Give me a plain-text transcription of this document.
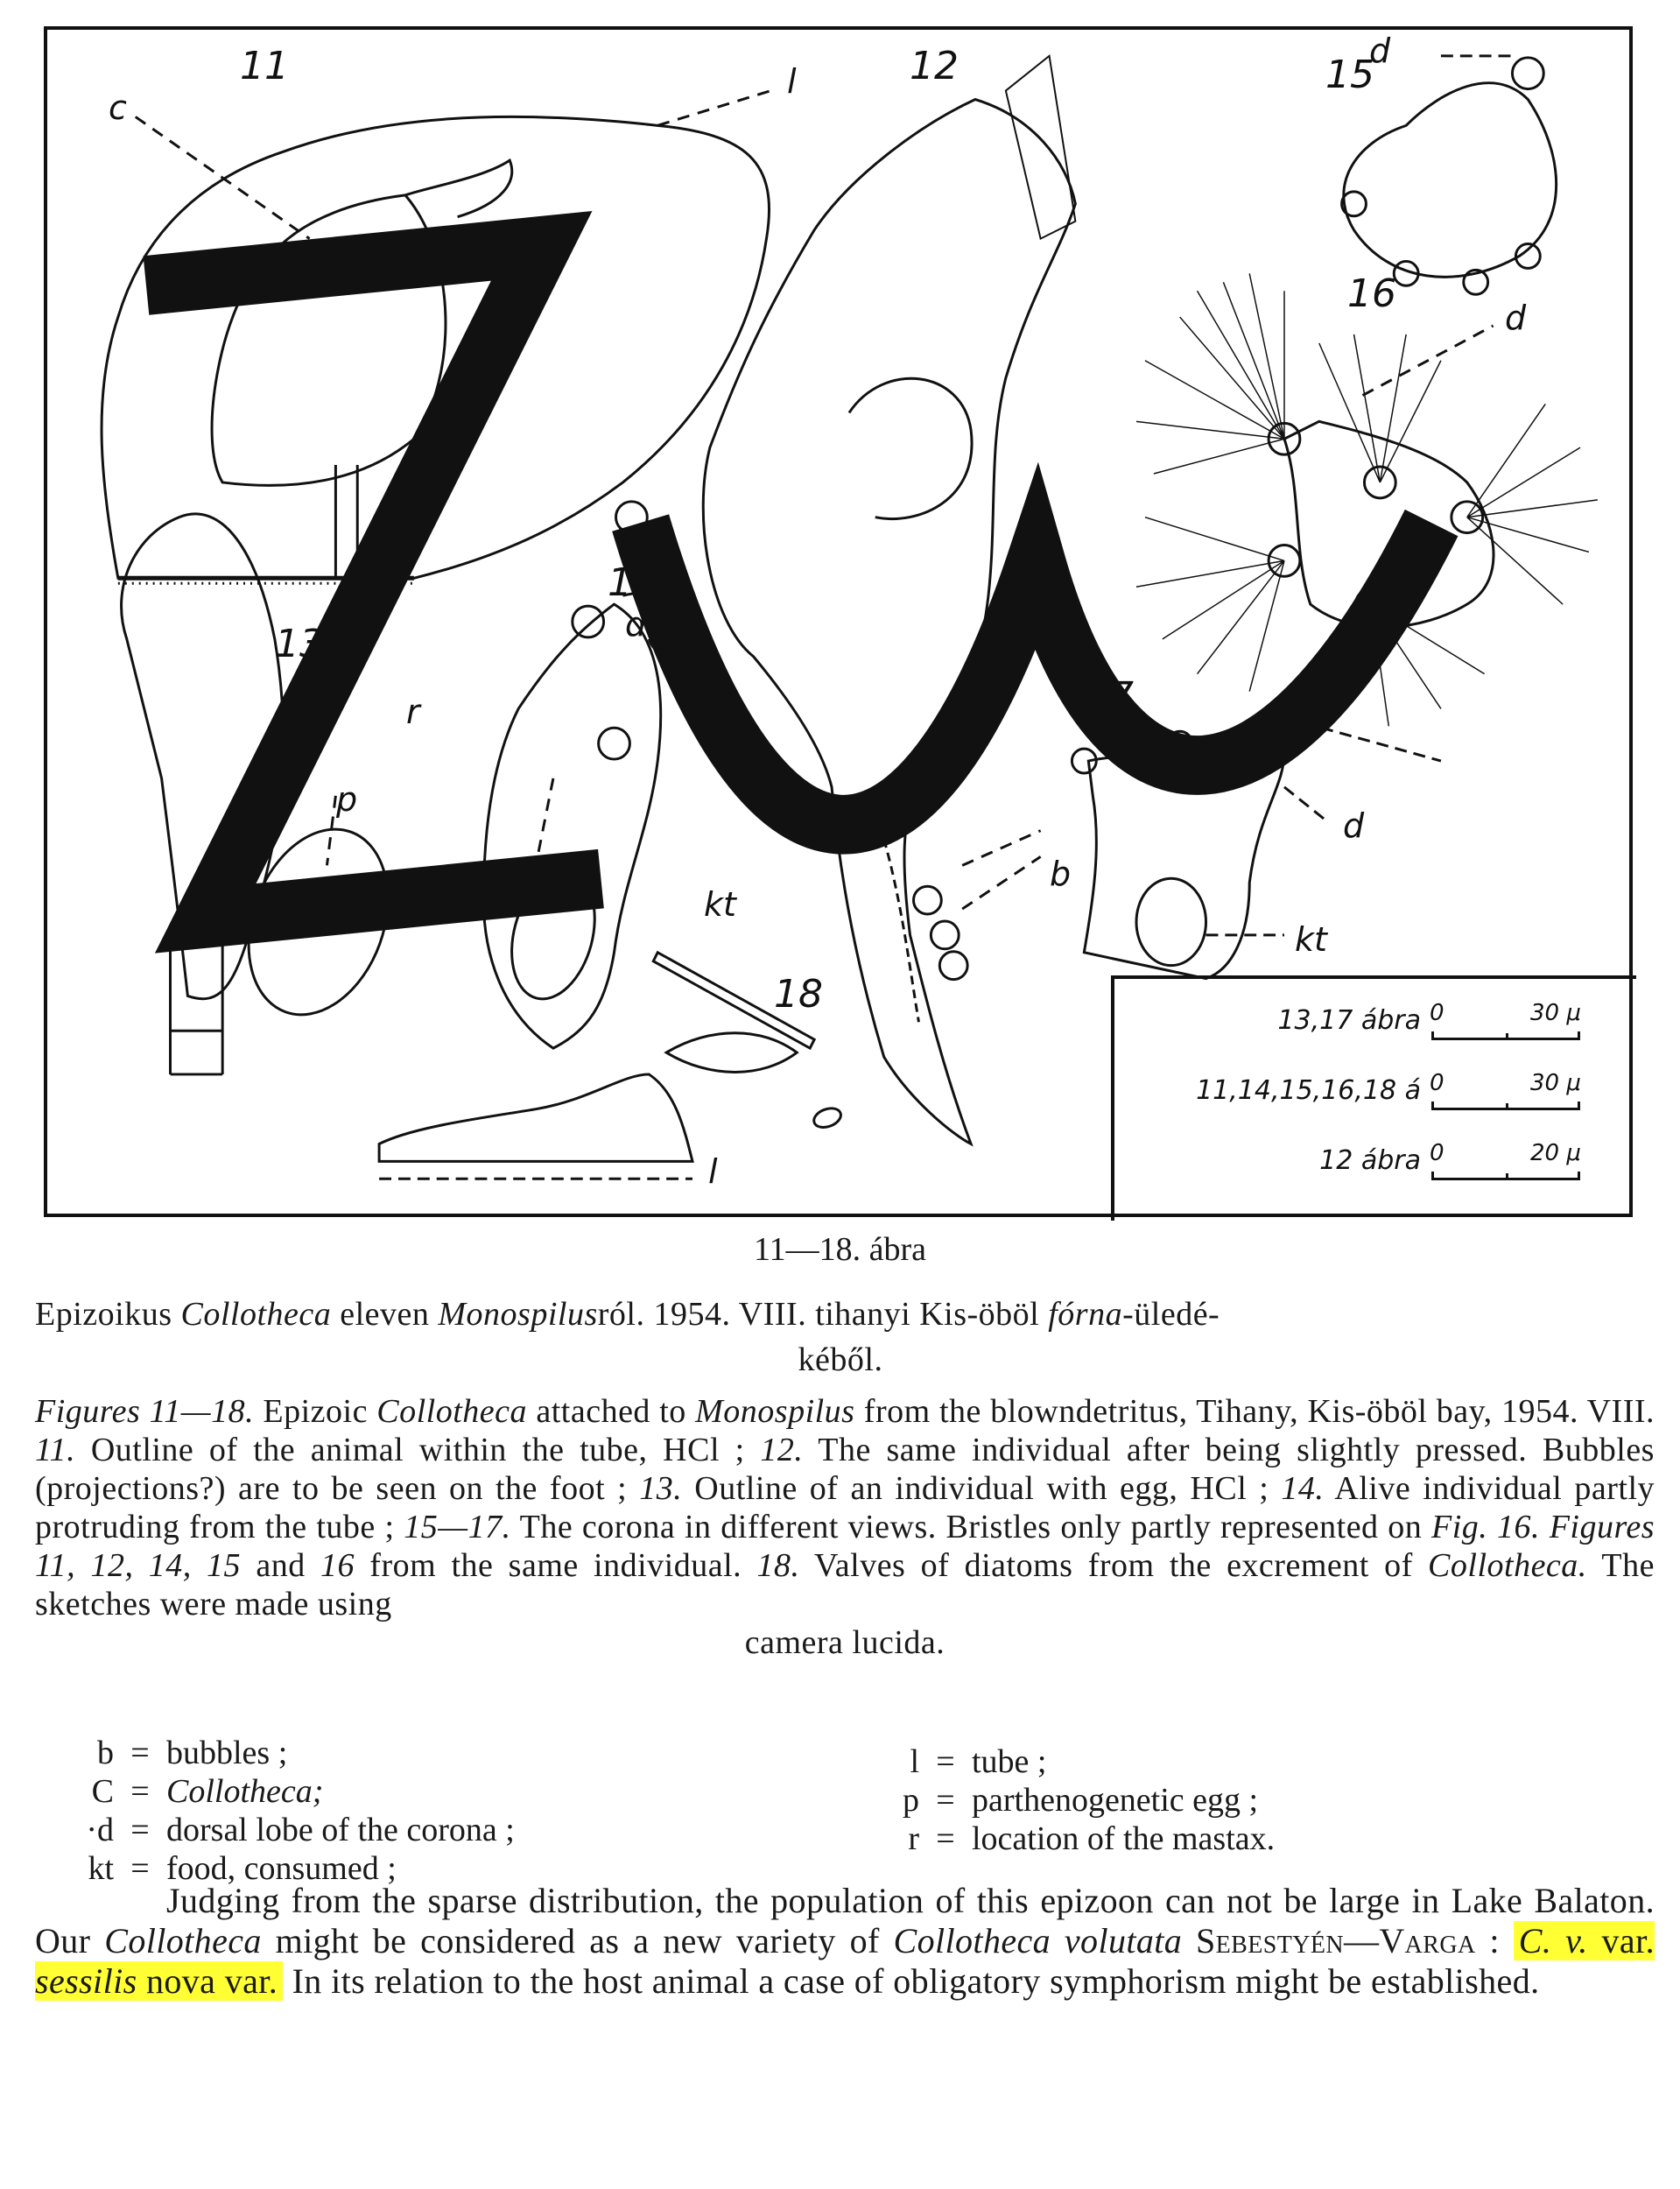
11	12
13
14
15
16
17
18
c
l
l
d
d
d
d
p
r
kt
kt
b
13,17 ábra 0	30 μ
11,14,15,16,18 á 0	30 μ
12 ábra 0	20 μ
11—18. ábra
Epizoikus Collotheca eleven Monospilusról. 1954. VIII. tihanyi Kis-öböl fórna-üledé-
kéből.
Figures 11—18. Epizoic Collotheca attached to Monospilus from the blowndetritus, Tihany, Kis-öböl bay, 1954. VIII. 11. Outline of the animal within the tube, HCl ; 12. The same individual after being slightly pressed. Bubbles (projections?) are to be seen on the foot ; 13. Outline of an individual with egg, HCl ; 14. Alive individual partly protruding from the tube ; 15—17. The corona in different views. Bristles only partly represented on Fig. 16. Figures 11, 12, 14, 15 and 16 from the same individual. 18. Valves of diatoms from the excrement of Collotheca. The sketches were made using
camera lucida.
b = bubbles ;
C = Collotheca;
·d = dorsal lobe of the corona ;
kt = food, consumed ;
l = tube ;
p = parthenogenetic egg ;
r = location of the mastax.
Judging from the sparse distribution, the population of this epizoon can not be large in Lake Balaton. Our Collotheca might be considered as a new variety of Collotheca volutata Sebestyén—Varga : C. v. var. sessilis nova var. In its relation to the host animal a case of obligatory symphorism might be established.
